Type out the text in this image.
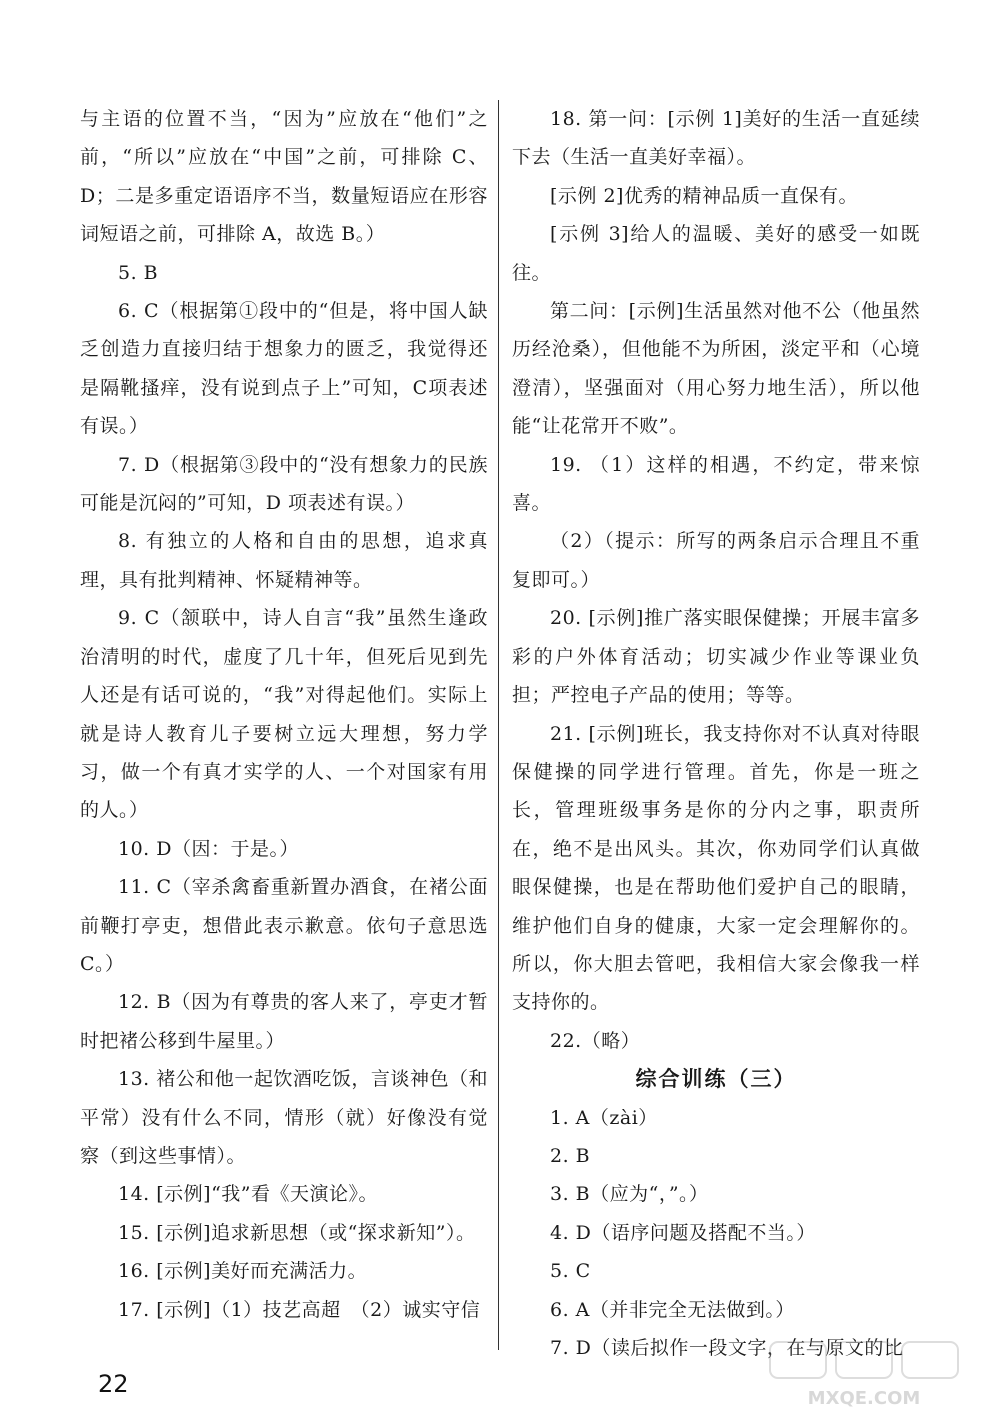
与主语的位置不当，“因为”应放在“他们”之前，“所以”应放在“中国”之前，可排除 C、D；二是多重定语语序不当，数量短语应在形容词短语之前，可排除 A，故选 B。）

5. B

6. C（根据第①段中的“但是，将中国人缺乏创造力直接归结于想象力的匮乏，我觉得还是隔靴搔痒，没有说到点子上”可知，C项表述有误。）

7. D（根据第③段中的“没有想象力的民族可能是沉闷的”可知，D 项表述有误。）

8. 有独立的人格和自由的思想，追求真理，具有批判精神、怀疑精神等。

9. C（颔联中，诗人自言“我”虽然生逢政治清明的时代，虚度了几十年，但死后见到先人还是有话可说的，“我”对得起他们。实际上就是诗人教育儿子要树立远大理想，努力学习，做一个有真才实学的人、一个对国家有用的人。）

10. D（因：于是。）

11. C（宰杀禽畜重新置办酒食，在褚公面前鞭打亭吏，想借此表示歉意。依句子意思选 C。）

12. B（因为有尊贵的客人来了，亭吏才暂时把褚公移到牛屋里。）

13. 褚公和他一起饮酒吃饭，言谈神色（和平常）没有什么不同，情形（就）好像没有觉察（到这些事情）。

14. [示例]“我”看《天演论》。

15. [示例]追求新思想（或“探求新知”）。

16. [示例]美好而充满活力。

17. [示例]（1）技艺高超　（2）诚实守信

18. 第一问：[示例 1]美好的生活一直延续下去（生活一直美好幸福）。

[示例 2]优秀的精神品质一直保有。

[示例 3]给人的温暖、美好的感受一如既往。

第二问：[示例]生活虽然对他不公（他虽然历经沧桑），但他能不为所困，淡定平和（心境澄清），坚强面对（用心努力地生活），所以他能“让花常开不败”。

19. （1）这样的相遇，不约定，带来惊喜。

（2）（提示：所写的两条启示合理且不重复即可。）

20. [示例]推广落实眼保健操；开展丰富多彩的户外体育活动；切实减少作业等课业负担；严控电子产品的使用；等等。

21. [示例]班长，我支持你对不认真对待眼保健操的同学进行管理。首先，你是一班之长，管理班级事务是你的分内之事，职责所在，绝不是出风头。其次，你劝同学们认真做眼保健操，也是在帮助他们爱护自己的眼睛，维护他们自身的健康，大家一定会理解你的。所以，你大胆去管吧，我相信大家会像我一样支持你的。

22.（略）

综合训练（三）

1. A（zài）

2. B

3. B（应为“，”。）

4. D（语序问题及搭配不当。）

5. C

6. A（并非完全无法做到。）

7. D（读后拟作一段文字，在与原文的比

22
MXQE.COM
